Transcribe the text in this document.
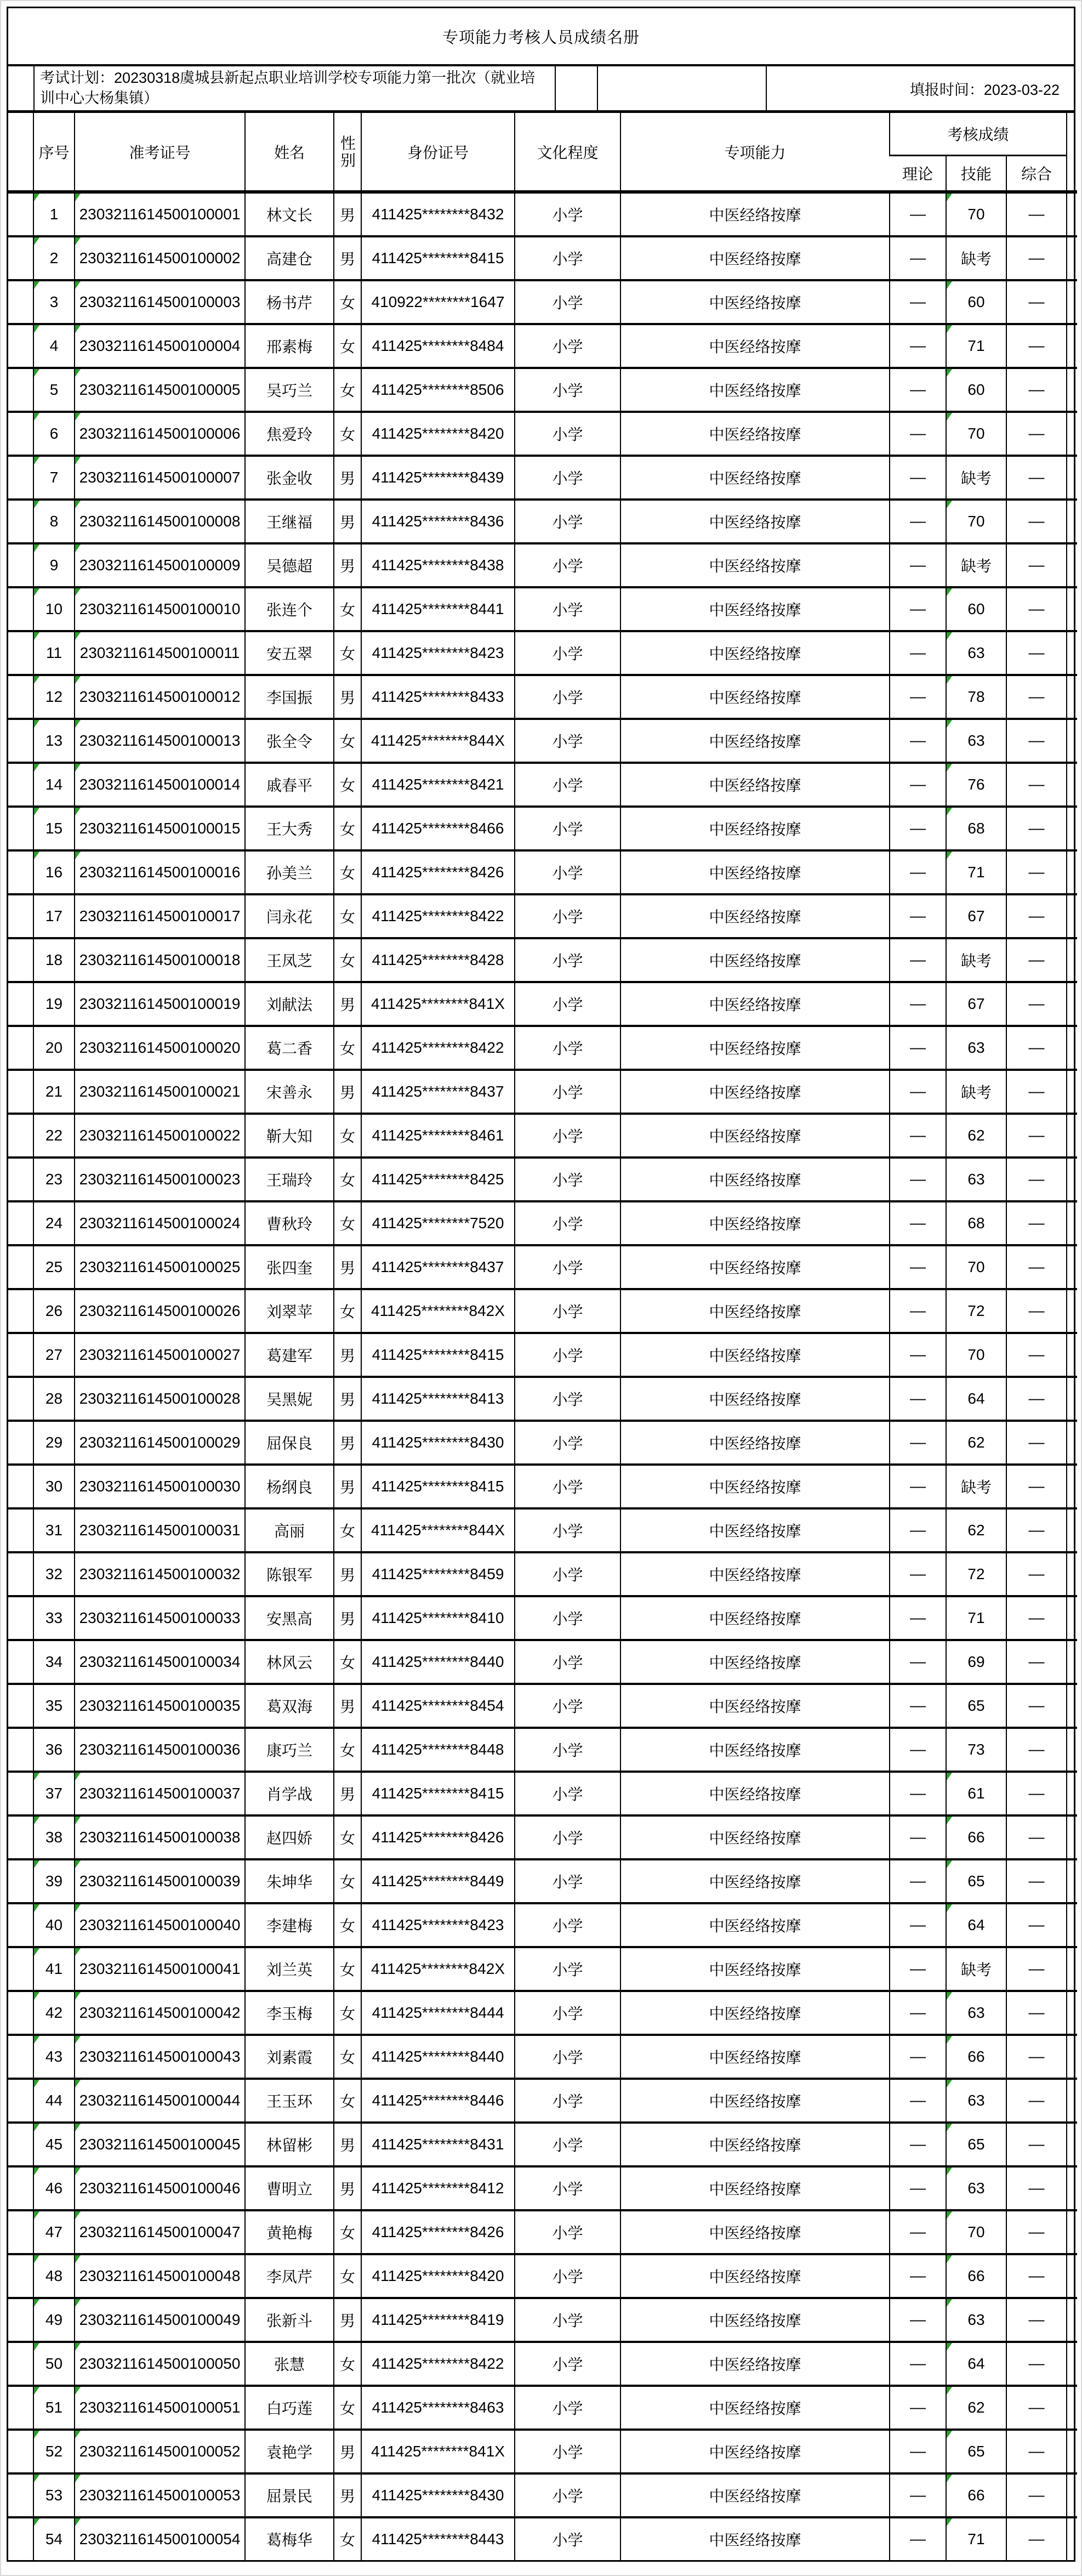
专项能力考核人员成绩名册
考试计划：20230318虞城县新起点职业培训学校专项能力第一批次（就业培训中心大杨集镇）
填报时间：2023-03-22
	序号	准考证号	姓名	性别	身份证号	文化程度	专项能力	考核成绩			
								理论	技能	综合	
	1	2303211614500100001	林文长	男	411425********8432	小学	中医经络按摩	—	70	—	
	2	2303211614500100002	高建仓	男	411425********8415	小学	中医经络按摩	—	缺考	—	
	3	2303211614500100003	杨书芹	女	410922********1647	小学	中医经络按摩	—	60	—	
	4	2303211614500100004	邢素梅	女	411425********8484	小学	中医经络按摩	—	71	—	
	5	2303211614500100005	吴巧兰	女	411425********8506	小学	中医经络按摩	—	60	—	
	6	2303211614500100006	焦爱玲	女	411425********8420	小学	中医经络按摩	—	70	—	
	7	2303211614500100007	张金收	男	411425********8439	小学	中医经络按摩	—	缺考	—	
	8	2303211614500100008	王继福	男	411425********8436	小学	中医经络按摩	—	70	—	
	9	2303211614500100009	吴德超	男	411425********8438	小学	中医经络按摩	—	缺考	—	
	10	2303211614500100010	张连个	女	411425********8441	小学	中医经络按摩	—	60	—	
	11	2303211614500100011	安五翠	女	411425********8423	小学	中医经络按摩	—	63	—	
	12	2303211614500100012	李国振	男	411425********8433	小学	中医经络按摩	—	78	—	
	13	2303211614500100013	张全令	女	411425********844X	小学	中医经络按摩	—	63	—	
	14	2303211614500100014	戚春平	女	411425********8421	小学	中医经络按摩	—	76	—	
	15	2303211614500100015	王大秀	女	411425********8466	小学	中医经络按摩	—	68	—	
	16	2303211614500100016	孙美兰	女	411425********8426	小学	中医经络按摩	—	71	—	
	17	2303211614500100017	闫永花	女	411425********8422	小学	中医经络按摩	—	67	—	
	18	2303211614500100018	王凤芝	女	411425********8428	小学	中医经络按摩	—	缺考	—	
	19	2303211614500100019	刘献法	男	411425********841X	小学	中医经络按摩	—	67	—	
	20	2303211614500100020	葛二香	女	411425********8422	小学	中医经络按摩	—	63	—	
	21	2303211614500100021	宋善永	男	411425********8437	小学	中医经络按摩	—	缺考	—	
	22	2303211614500100022	靳大知	女	411425********8461	小学	中医经络按摩	—	62	—	
	23	2303211614500100023	王瑞玲	女	411425********8425	小学	中医经络按摩	—	63	—	
	24	2303211614500100024	曹秋玲	女	411425********7520	小学	中医经络按摩	—	68	—	
	25	2303211614500100025	张四奎	男	411425********8437	小学	中医经络按摩	—	70	—	
	26	2303211614500100026	刘翠苹	女	411425********842X	小学	中医经络按摩	—	72	—	
	27	2303211614500100027	葛建军	男	411425********8415	小学	中医经络按摩	—	70	—	
	28	2303211614500100028	吴黑妮	男	411425********8413	小学	中医经络按摩	—	64	—	
	29	2303211614500100029	屈保良	男	411425********8430	小学	中医经络按摩	—	62	—	
	30	2303211614500100030	杨纲良	男	411425********8415	小学	中医经络按摩	—	缺考	—	
	31	2303211614500100031	高丽	女	411425********844X	小学	中医经络按摩	—	62	—	
	32	2303211614500100032	陈银军	男	411425********8459	小学	中医经络按摩	—	72	—	
	33	2303211614500100033	安黑高	男	411425********8410	小学	中医经络按摩	—	71	—	
	34	2303211614500100034	林风云	女	411425********8440	小学	中医经络按摩	—	69	—	
	35	2303211614500100035	葛双海	男	411425********8454	小学	中医经络按摩	—	65	—	
	36	2303211614500100036	康巧兰	女	411425********8448	小学	中医经络按摩	—	73	—	
	37	2303211614500100037	肖学战	男	411425********8415	小学	中医经络按摩	—	61	—	
	38	2303211614500100038	赵四娇	女	411425********8426	小学	中医经络按摩	—	66	—	
	39	2303211614500100039	朱坤华	女	411425********8449	小学	中医经络按摩	—	65	—	
	40	2303211614500100040	李建梅	女	411425********8423	小学	中医经络按摩	—	64	—	
	41	2303211614500100041	刘兰英	女	411425********842X	小学	中医经络按摩	—	缺考	—	
	42	2303211614500100042	李玉梅	女	411425********8444	小学	中医经络按摩	—	63	—	
	43	2303211614500100043	刘素霞	女	411425********8440	小学	中医经络按摩	—	66	—	
	44	2303211614500100044	王玉环	女	411425********8446	小学	中医经络按摩	—	63	—	
	45	2303211614500100045	林留彬	男	411425********8431	小学	中医经络按摩	—	65	—	
	46	2303211614500100046	曹明立	男	411425********8412	小学	中医经络按摩	—	63	—	
	47	2303211614500100047	黄艳梅	女	411425********8426	小学	中医经络按摩	—	70	—	
	48	2303211614500100048	李凤芹	女	411425********8420	小学	中医经络按摩	—	66	—	
	49	2303211614500100049	张新斗	男	411425********8419	小学	中医经络按摩	—	63	—	
	50	2303211614500100050	张慧	女	411425********8422	小学	中医经络按摩	—	64	—	
	51	2303211614500100051	白巧莲	女	411425********8463	小学	中医经络按摩	—	62	—	
	52	2303211614500100052	袁艳学	男	411425********841X	小学	中医经络按摩	—	65	—	
	53	2303211614500100053	屈景民	男	411425********8430	小学	中医经络按摩	—	66	—	
	54	2303211614500100054	葛梅华	女	411425********8443	小学	中医经络按摩	—	71	—	
